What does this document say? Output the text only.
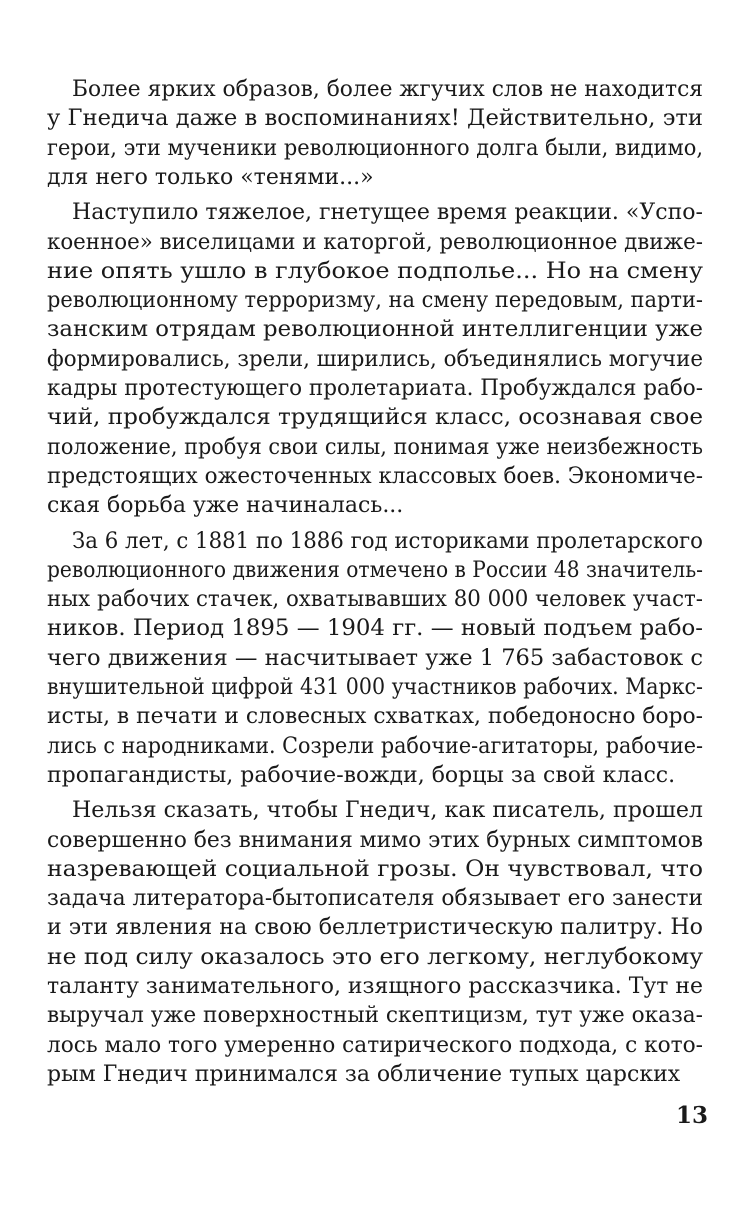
Более ярких образов, более жгучих слов не находится
у Гнедича даже в воспоминаниях! Действительно, эти
герои, эти мученики революционного долга были, видимо,
для него только «тенями...»
Наступило тяжелое, гнетущее время реакции. «Успо-
коенное» виселицами и каторгой, революционное движе-
ние опять ушло в глубокое подполье... Но на смену
революционному терроризму, на смену передовым, парти-
занским отрядам революционной интеллигенции уже
формировались, зрели, ширились, объединялись могучие
кадры протестующего пролетариата. Пробуждался рабо-
чий, пробуждался трудящийся класс, осознавая свое
положение, пробуя свои силы, понимая уже неизбежность
предстоящих ожесточенных классовых боев. Экономиче-
ская борьба уже начиналась...
За 6 лет, с 1881 по 1886 год историками пролетарского
революционного движения отмечено в России 48 значитель-
ных рабочих стачек, охватывавших 80 000 человек участ-
ников. Период 1895 — 1904 гг. — новый подъем рабо-
чего движения — насчитывает уже 1 765 забастовок с
внушительной цифрой 431 000 участников рабочих. Маркс-
исты, в печати и словесных схватках, победоносно боро-
лись с народниками. Созрели рабочие-агитаторы, рабочие-
пропагандисты, рабочие-вожди, борцы за свой класс.
Нельзя сказать, чтобы Гнедич, как писатель, прошел
совершенно без внимания мимо этих бурных симптомов
назревающей социальной грозы. Он чувствовал, что
задача литератора-бытописателя обязывает его занести
и эти явления на свою беллетристическую палитру. Но
не под силу оказалось это его легкому, неглубокому
таланту занимательного, изящного рассказчика. Тут не
выручал уже поверхностный скептицизм, тут уже оказа-
лось мало того умеренно сатирического подхода, с кото-
рым Гнедич принимался за обличение тупых царских
13
